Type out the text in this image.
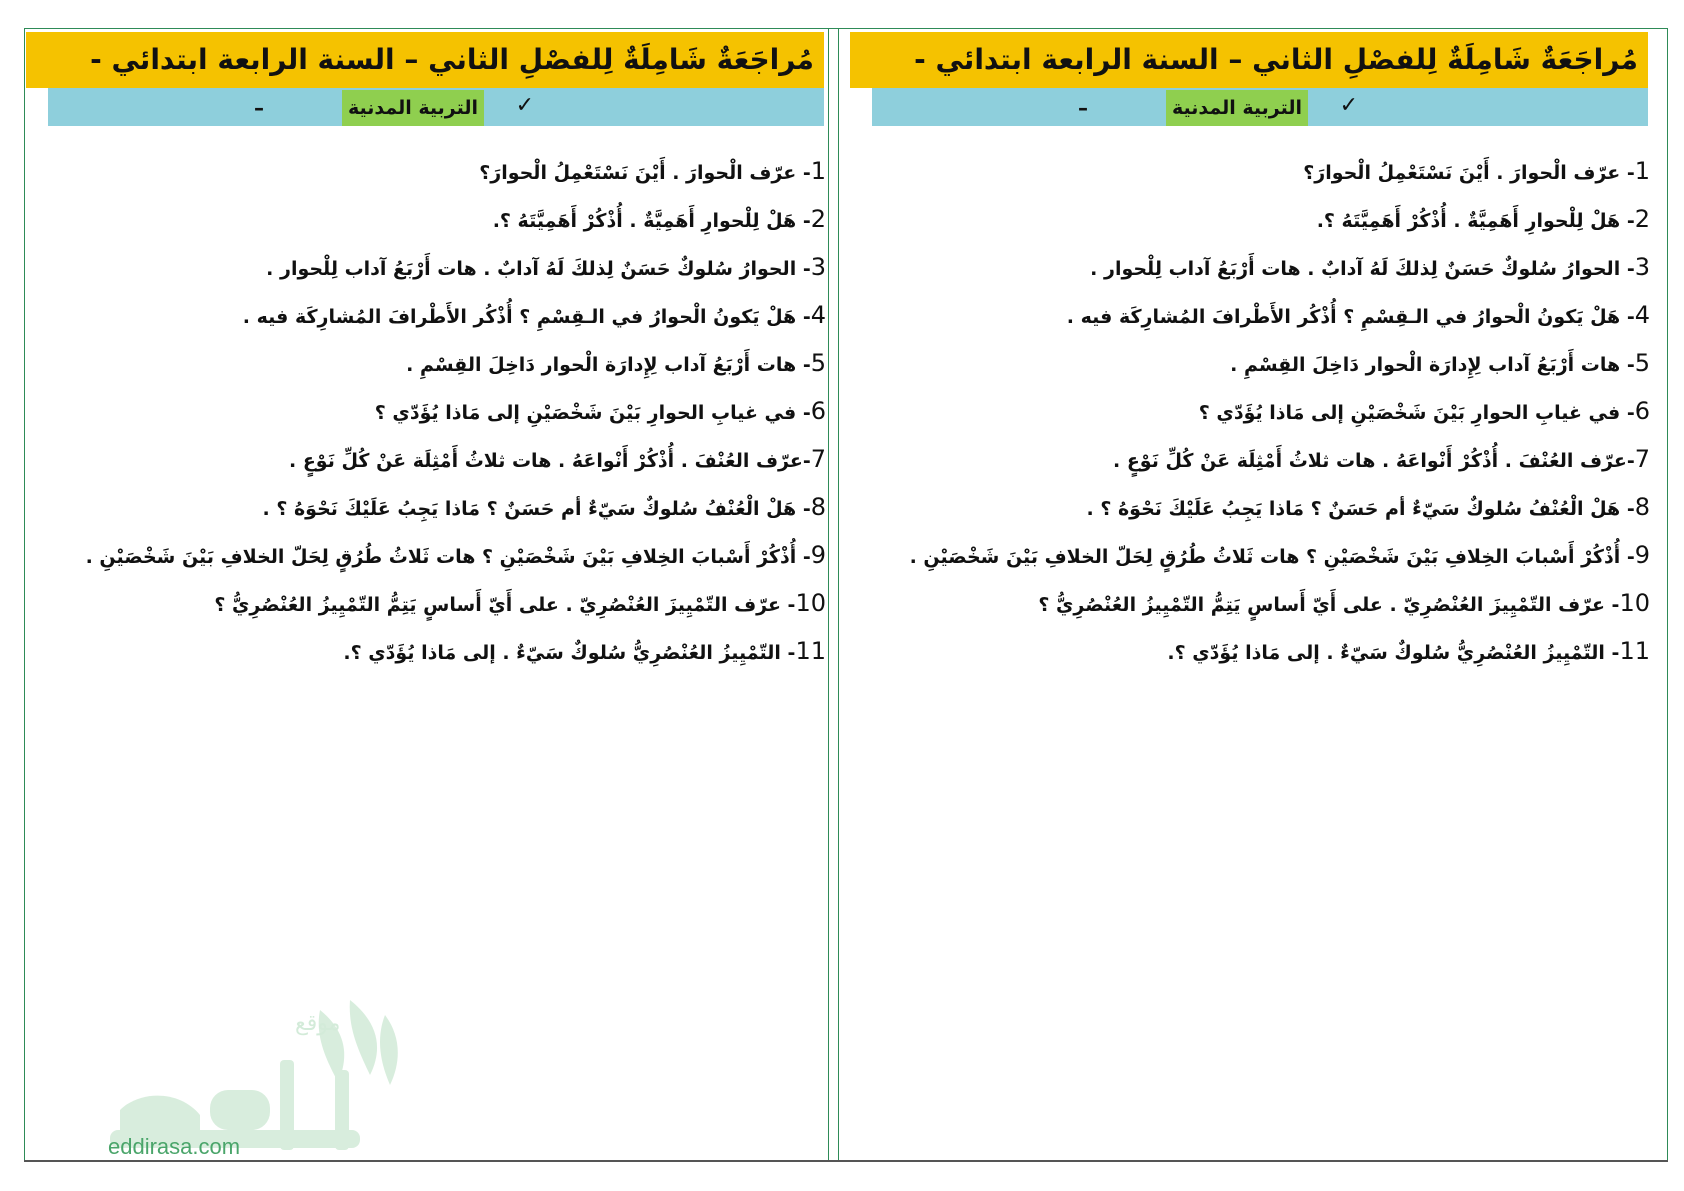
مُراجَعَةٌ شَامِلَةٌ لِلفصْلِ الثاني – السنة الرابعة ابتدائي -
✓
التربية المدنية
–
1- عرّف الْحوارَ . أَيْنَ نَسْتَعْمِلُ الْحوارَ؟
2- هَلْ لِلْحوارِ أَهَمِيَّةٌ . أُذْكُرْ أَهَمِيَّتَهُ ؟.
3- الحوارُ سُلوكٌ حَسَنٌ لِذلكَ لَهُ آدابٌ . هات أَرْبَعُ آداب لِلْحوار .
4- هَلْ يَكونُ الْحوارُ في الـقِسْمِ ؟ أُذْكُر الأَطْرافَ المُشارِكَة فيه .
5- هات أَرْبَعُ آداب لِإِدارَة الْحوار دَاخِلَ القِسْمِ .
6- في غيابِ الحوارِ بَيْنَ شَخْصَيْنِ إلى مَاذا يُؤَدّي ؟
7-عرّف العُنْفَ . أُذْكُرْ أَنْواعَهُ . هات ثلاثُ أَمْثِلَة عَنْ كُلِّ نَوْعٍ .
8- هَلْ الْعُنْفُ سُلوكٌ سَيّءٌ أم حَسَنٌ ؟ مَاذا يَجِبُ عَلَيْكَ نَحْوَهُ ؟ .
9- أُذْكُرْ أَسْبابَ الخِلافِ بَيْنَ شَخْصَيْنِ ؟ هات ثَلاثُ طُرُقٍ لِحَلّ الخلافِ بَيْنَ شَخْصَيْنِ .
10- عرّف التّمْيِيزَ العُنْصُرِيّ . على أَيّ أَساسٍ يَتِمُّ التّمْيِيزُ العُنْصُرِيُّ ؟
11- التّمْيِيزُ العُنْصُرِيُّ سُلوكٌ سَيّءٌ . إلى مَاذا يُؤَدّي ؟.
مُراجَعَةٌ شَامِلَةٌ لِلفصْلِ الثاني – السنة الرابعة ابتدائي -
✓
التربية المدنية
–
1- عرّف الْحوارَ . أَيْنَ نَسْتَعْمِلُ الْحوارَ؟
2- هَلْ لِلْحوارِ أَهَمِيَّةٌ . أُذْكُرْ أَهَمِيَّتَهُ ؟.
3- الحوارُ سُلوكٌ حَسَنٌ لِذلكَ لَهُ آدابٌ . هات أَرْبَعُ آداب لِلْحوار .
4- هَلْ يَكونُ الْحوارُ في الـقِسْمِ ؟ أُذْكُر الأَطْرافَ المُشارِكَة فيه .
5- هات أَرْبَعُ آداب لِإِدارَة الْحوار دَاخِلَ القِسْمِ .
6- في غيابِ الحوارِ بَيْنَ شَخْصَيْنِ إلى مَاذا يُؤَدّي ؟
7-عرّف العُنْفَ . أُذْكُرْ أَنْواعَهُ . هات ثلاثُ أَمْثِلَة عَنْ كُلِّ نَوْعٍ .
8- هَلْ الْعُنْفُ سُلوكٌ سَيّءٌ أم حَسَنٌ ؟ مَاذا يَجِبُ عَلَيْكَ نَحْوَهُ ؟ .
9- أُذْكُرْ أَسْبابَ الخِلافِ بَيْنَ شَخْصَيْنِ ؟ هات ثَلاثُ طُرُقٍ لِحَلّ الخلافِ بَيْنَ شَخْصَيْنِ .
10- عرّف التّمْيِيزَ العُنْصُرِيّ . على أَيّ أَساسٍ يَتِمُّ التّمْيِيزُ العُنْصُرِيُّ ؟
11- التّمْيِيزُ العُنْصُرِيُّ سُلوكٌ سَيّءٌ . إلى مَاذا يُؤَدّي ؟.
موقع
eddirasa.com
